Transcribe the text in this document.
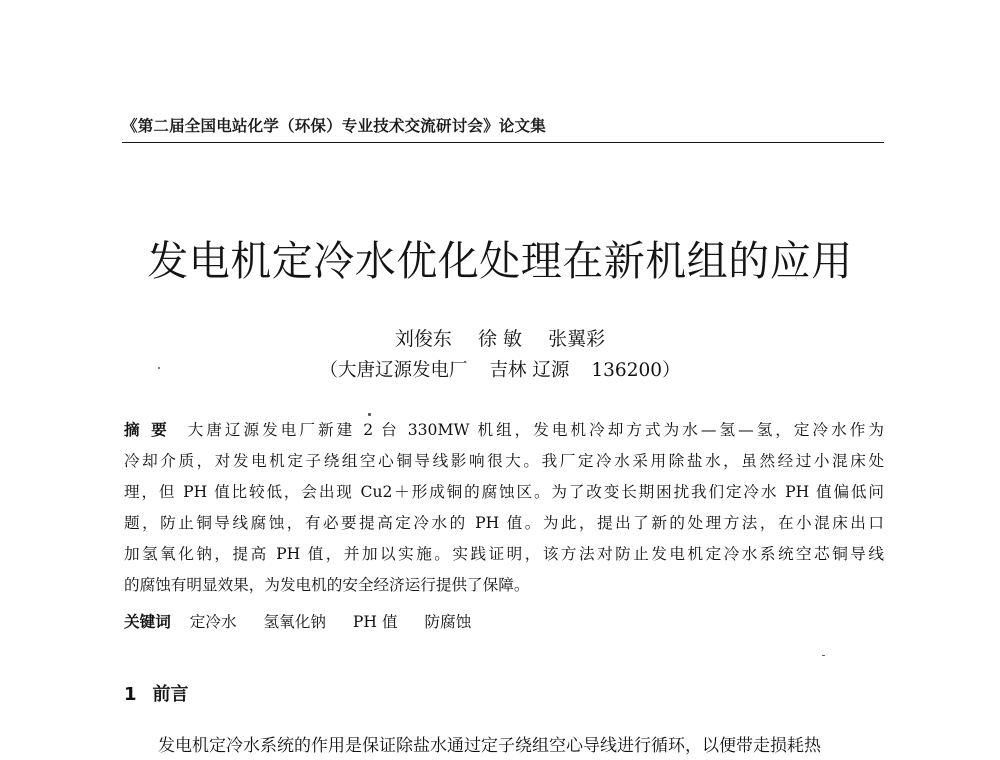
《第二届全国电站化学（环保）专业技术交流研讨会》论文集
发电机定冷水优化处理在新机组的应用
刘俊东 徐 敏 张翼彩
（大唐辽源发电厂 吉林 辽源 136200）
摘 要 大唐辽源发电厂新建 2 台 330MW 机组，发电机冷却方式为水—氢—氢，定冷水作为
冷却介质，对发电机定子绕组空心铜导线影响很大。我厂定冷水采用除盐水，虽然经过小混床处
理，但 PH 值比较低，会出现 Cu2＋形成铜的腐蚀区。为了改变长期困扰我们定冷水 PH 值偏低问
题，防止铜导线腐蚀，有必要提高定冷水的 PH 值。为此，提出了新的处理方法，在小混床出口
加氢氧化钠，提高 PH 值，并加以实施。实践证明，该方法对防止发电机定冷水系统空芯铜导线
的腐蚀有明显效果，为发电机的安全经济运行提供了保障。
关键词 定冷水 氢氧化钠 PH 值 防腐蚀
1 前言
发电机定冷水系统的作用是保证除盐水通过定子绕组空心导线进行循环，以便带走损耗热
